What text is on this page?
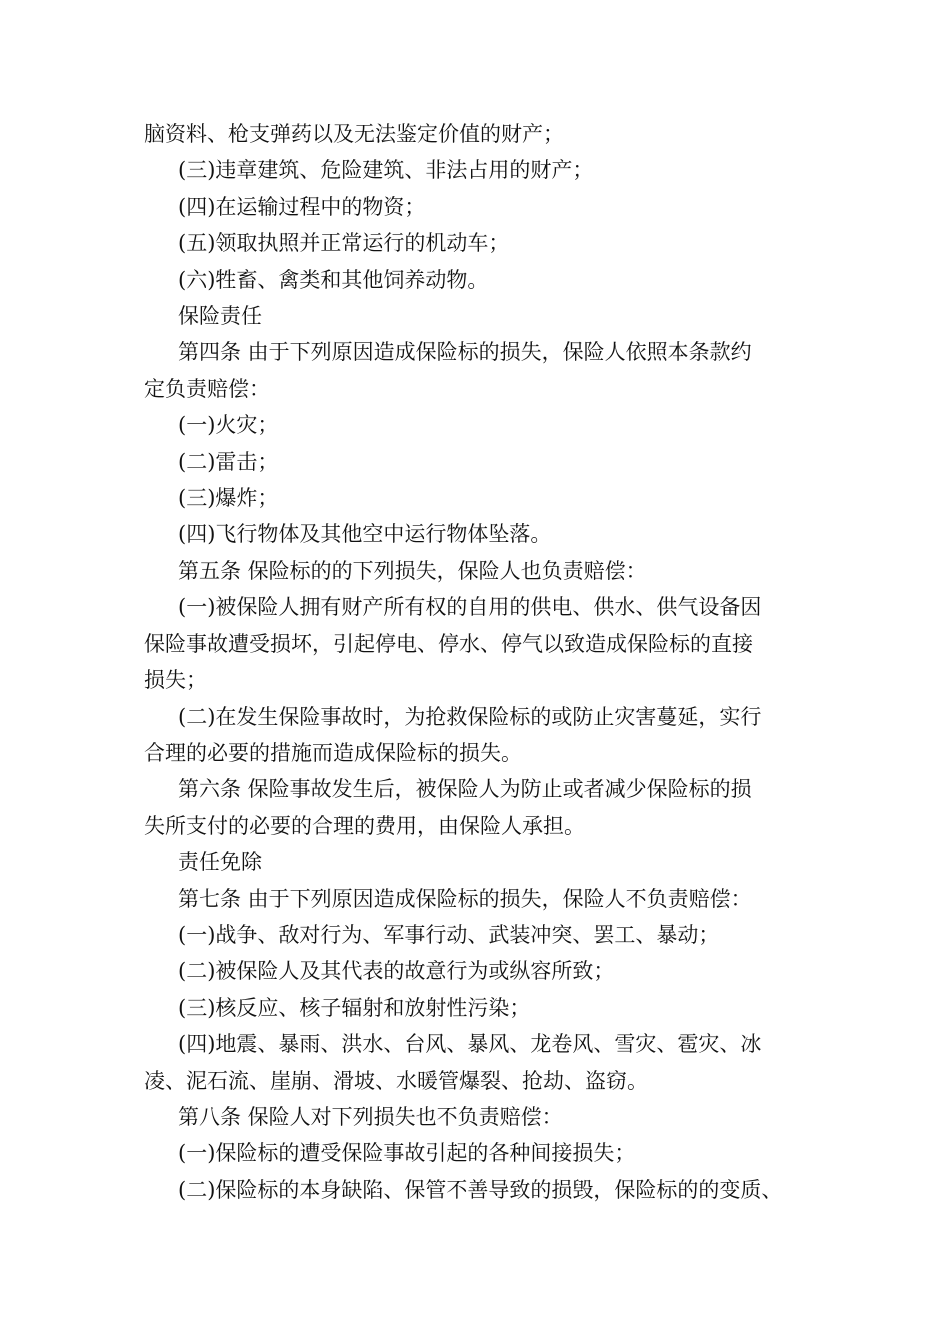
脑资料、枪支弹药以及无法鉴定价值的财产；
(三)违章建筑、危险建筑、非法占用的财产；
(四)在运输过程中的物资；
(五)领取执照并正常运行的机动车；
(六)牲畜、禽类和其他饲养动物。
保险责任
第四条 由于下列原因造成保险标的损失，保险人依照本条款约
定负责赔偿：
(一)火灾；
(二)雷击；
(三)爆炸；
(四)飞行物体及其他空中运行物体坠落。
第五条 保险标的的下列损失，保险人也负责赔偿：
(一)被保险人拥有财产所有权的自用的供电、供水、供气设备因
保险事故遭受损坏，引起停电、停水、停气以致造成保险标的直接
损失；
(二)在发生保险事故时，为抢救保险标的或防止灾害蔓延，实行
合理的必要的措施而造成保险标的损失。
第六条 保险事故发生后，被保险人为防止或者减少保险标的损
失所支付的必要的合理的费用，由保险人承担。
责任免除
第七条 由于下列原因造成保险标的损失，保险人不负责赔偿：
(一)战争、敌对行为、军事行动、武装冲突、罢工、暴动；
(二)被保险人及其代表的故意行为或纵容所致；
(三)核反应、核子辐射和放射性污染；
(四)地震、暴雨、洪水、台风、暴风、龙卷风、雪灾、雹灾、冰
凌、泥石流、崖崩、滑坡、水暖管爆裂、抢劫、盗窃。
第八条 保险人对下列损失也不负责赔偿：
(一)保险标的遭受保险事故引起的各种间接损失；
(二)保险标的本身缺陷、保管不善导致的损毁，保险标的的变质、
